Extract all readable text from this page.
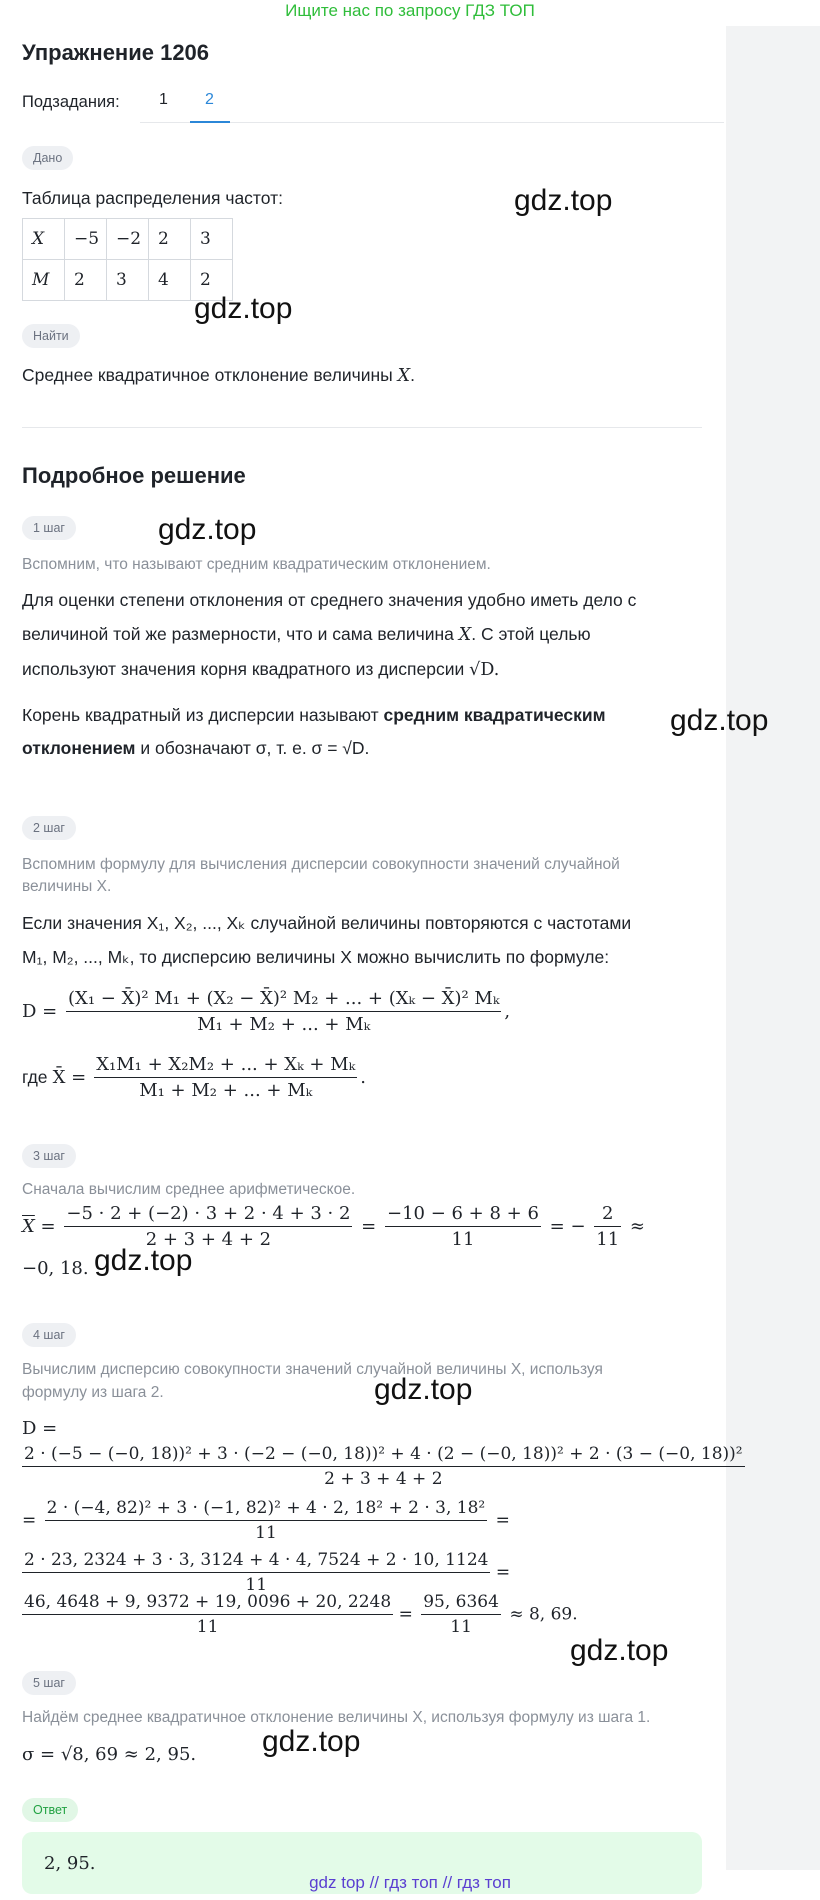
Ищите нас по запросу ГДЗ ТОП
Упражнение 1206
Подзадания: 1 2
Дано
Таблица распределения частот:
X	−5	−2	2	3
M	2	3	4	2
Найти
Среднее квадратичное отклонение величины X.
Подробное решение
1 шаг
Вспомним, что называют средним квадратическим отклонением.
Для оценки степени отклонения от среднего значения удобно иметь дело с
величиной той же размерности, что и сама величина X. С этой целью
используют значения корня квадратного из дисперсии √D.
Корень квадратный из дисперсии называют средним квадратическим
отклонением и обозначают σ, т. е. σ = √D.
2 шаг
Вспомним формулу для вычисления дисперсии совокупности значений случайной
величины X.
Если значения X₁, X₂, ..., Xₖ случайной величины повторяются с частотами
M₁, M₂, ..., Mₖ, то дисперсию величины X можно вычислить по формуле:
$D = \frac{\text{(X₁ − X̄)² M₁ + (X₂ − X̄)² M₂ + ... + (Xₖ − X̄)² Mₖ}}{\text{M₁ + M₂ + ... + Mₖ}}$ ,
где X̄ = $\frac{\text{X₁M₁ + X₂M₂ + ... + Xₖ + Mₖ}}{\text{M₁ + M₂ + ... + Mₖ}}$ .
3 шаг
Сначала вычислим среднее арифметическое.
$\overline{X} = \frac{-5 \cdot 2 + (-2) \cdot 3 + 2 \cdot 4 + 3 \cdot 2}{2 + 3 + 4 + 2} = \frac{-10 - 6 + 8 + 6}{11}$ = − $\frac{2}{11}$ ≈
−0, 18.
4 шаг
Вычислим дисперсию совокупности значений случайной величины X, используя
формулу из шага 2.
D =
2 · (−5 − (−0, 18))² + 3 · (−2 − (−0, 18))² + 4 · (2 − (−0, 18))² + 2 · (3 − (−0, 18))²
2 + 3 + 4 + 2
= $\frac{\text{2 · (−4, 82)² + 3 · (−1, 82)² + 4 · 2, 18² + 2 · 3, 18²}}{11}$ =
$\frac{2 \cdot 23, 2324 + 3 \cdot 3, 3124 + 4 \cdot 4, 7524 + 2 \cdot 10, 1124}{11}$ =
$\frac{46, 4648 + 9, 9372 + 19, 0096 + 20, 2248}{11} = \frac{95, 6364}{11} \approx 8$, 69.
5 шаг
Найдём среднее квадратичное отклонение величины X, используя формулу из шага 1.
σ = √8, 69 ≈ 2, 95.
Ответ
2, 95.
gdz.top
gdz.top
gdz.top
gdz.top
gdz.top
gdz.top
gdz.top
gdz.top
gdz top // гдз топ // гдз топ
